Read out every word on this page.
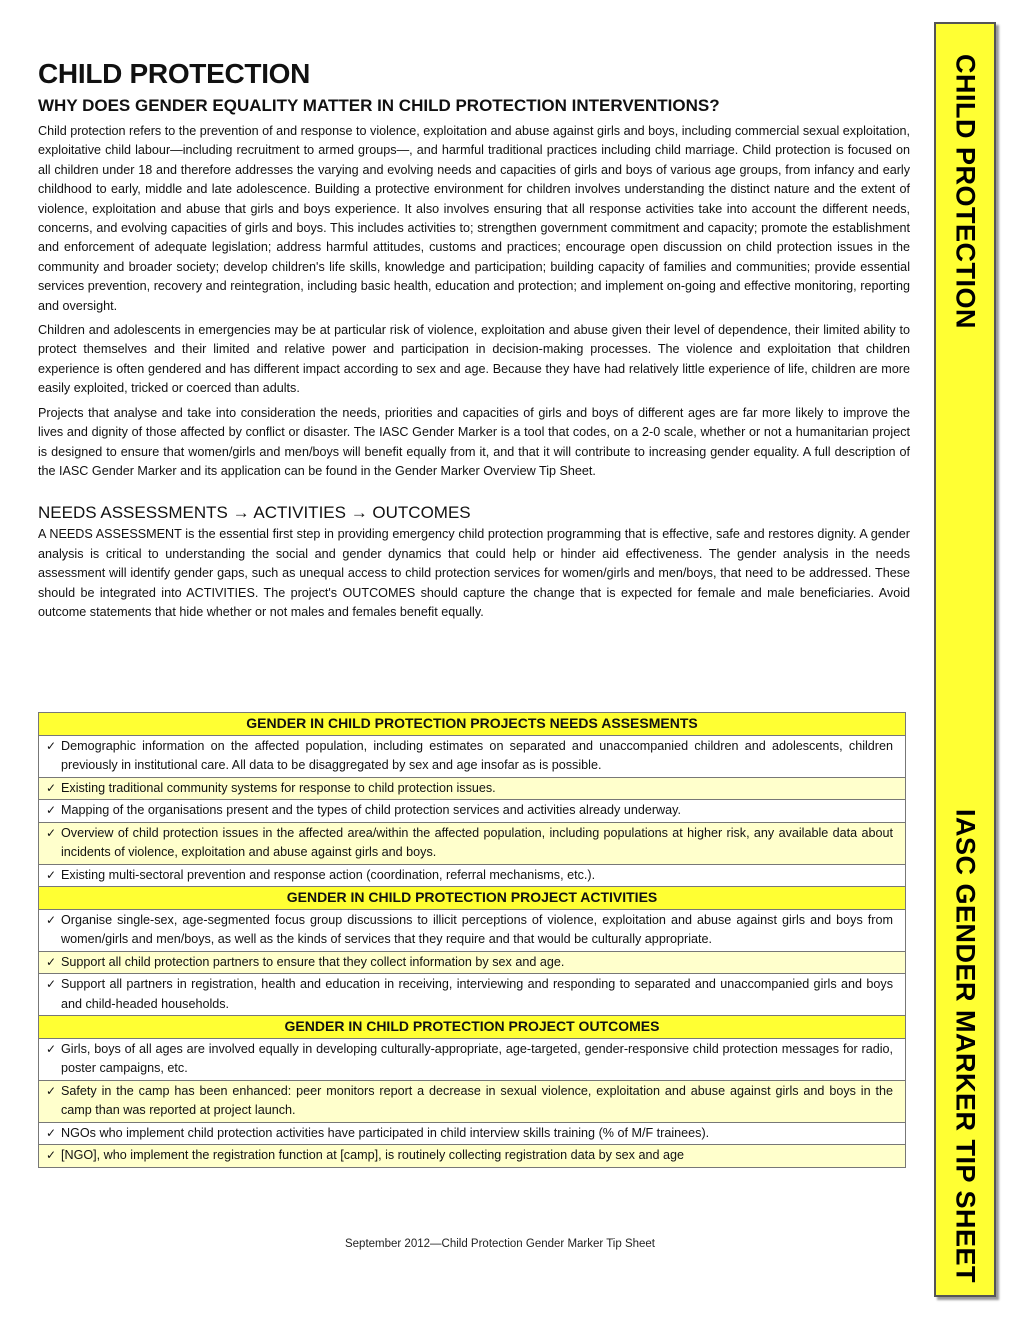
CHILD PROTECTION
IASC GENDER MARKER TIP SHEET
CHILD PROTECTION
WHY DOES GENDER EQUALITY MATTER IN CHILD PROTECTION INTERVENTIONS?

Child protection refers to the prevention of and response to violence, exploitation and abuse against girls and boys, including commercial sexual exploitation, exploitative child labour—including recruitment to armed groups—, and harmful traditional practices including child marriage. Child protection is focused on all children under 18 and therefore addresses the varying and evolving needs and capacities of girls and boys of various age groups, from infancy and early childhood to early, middle and late adolescence. Building a protective environment for children involves understanding the distinct nature and the extent of violence, exploitation and abuse that girls and boys experience. It also involves ensuring that all response activities take into account the different needs, concerns, and evolving capacities of girls and boys. This includes activities to; strengthen government commitment and capacity; promote the establishment and enforcement of adequate legislation; address harmful attitudes, customs and practices; encourage open discussion on child protection issues in the community and broader society; develop children's life skills, knowledge and participation; building capacity of families and communities; provide essential services prevention, recovery and reintegration, including basic health, education and protection; and implement on-going and effective monitoring, reporting and oversight.

Children and adolescents in emergencies may be at particular risk of violence, exploitation and abuse given their level of dependence, their limited ability to protect themselves and their limited and relative power and participation in decision-making processes. The violence and exploitation that children experience is often gendered and has different impact according to sex and age. Because they have had relatively little experience of life, children are more easily exploited, tricked or coerced than adults.

Projects that analyse and take into consideration the needs, priorities and capacities of girls and boys of different ages are far more likely to improve the lives and dignity of those affected by conflict or disaster. The IASC Gender Marker is a tool that codes, on a 2-0 scale, whether or not a humanitarian project is designed to ensure that women/girls and men/boys will benefit equally from it, and that it will contribute to increasing gender equality. A full description of the IASC Gender Marker and its application can be found in the Gender Marker Overview Tip Sheet.

NEEDS ASSESSMENTS → ACTIVITIES → OUTCOMES

A NEEDS ASSESSMENT is the essential first step in providing emergency child protection programming that is effective, safe and restores dignity. A gender analysis is critical to understanding the social and gender dynamics that could help or hinder aid effectiveness. The gender analysis in the needs assessment will identify gender gaps, such as unequal access to child protection services for women/girls and men/boys, that need to be addressed. These should be integrated into ACTIVITIES. The project's OUTCOMES should capture the change that is expected for female and male beneficiaries. Avoid outcome statements that hide whether or not males and females benefit equally.

GENDER IN CHILD PROTECTION PROJECTS NEEDS ASSESMENTS
✓ Demographic information on the affected population, including estimates on separated and unaccompanied children and adolescents, children previously in institutional care. All data to be disaggregated by sex and age insofar as is possible.
✓ Existing traditional community systems for response to child protection issues.
✓ Mapping of the organisations present and the types of child protection services and activities already underway.
✓ Overview of child protection issues in the affected area/within the affected population, including populations at higher risk, any available data about incidents of violence, exploitation and abuse against girls and boys.
✓ Existing multi-sectoral prevention and response action (coordination, referral mechanisms, etc.).
GENDER IN CHILD PROTECTION PROJECT ACTIVITIES
✓ Organise single-sex, age-segmented focus group discussions to illicit perceptions of violence, exploitation and abuse against girls and boys from women/girls and men/boys, as well as the kinds of services that they require and that would be culturally appropriate.
✓ Support all child protection partners to ensure that they collect information by sex and age.
✓ Support all partners in registration, health and education in receiving, interviewing and responding to separated and unaccompanied girls and boys and child-headed households.
GENDER IN CHILD PROTECTION PROJECT OUTCOMES
✓ Girls, boys of all ages are involved equally in developing culturally-appropriate, age-targeted, gender-responsive child protection messages for radio, poster campaigns, etc.
✓ Safety in the camp has been enhanced: peer monitors report a decrease in sexual violence, exploitation and abuse against girls and boys in the camp than was reported at project launch.
✓ NGOs who implement child protection activities have participated in child interview skills training (% of M/F trainees).
✓ [NGO], who implement the registration function at [camp], is routinely collecting registration data by sex and age
September 2012—Child Protection Gender Marker Tip Sheet
